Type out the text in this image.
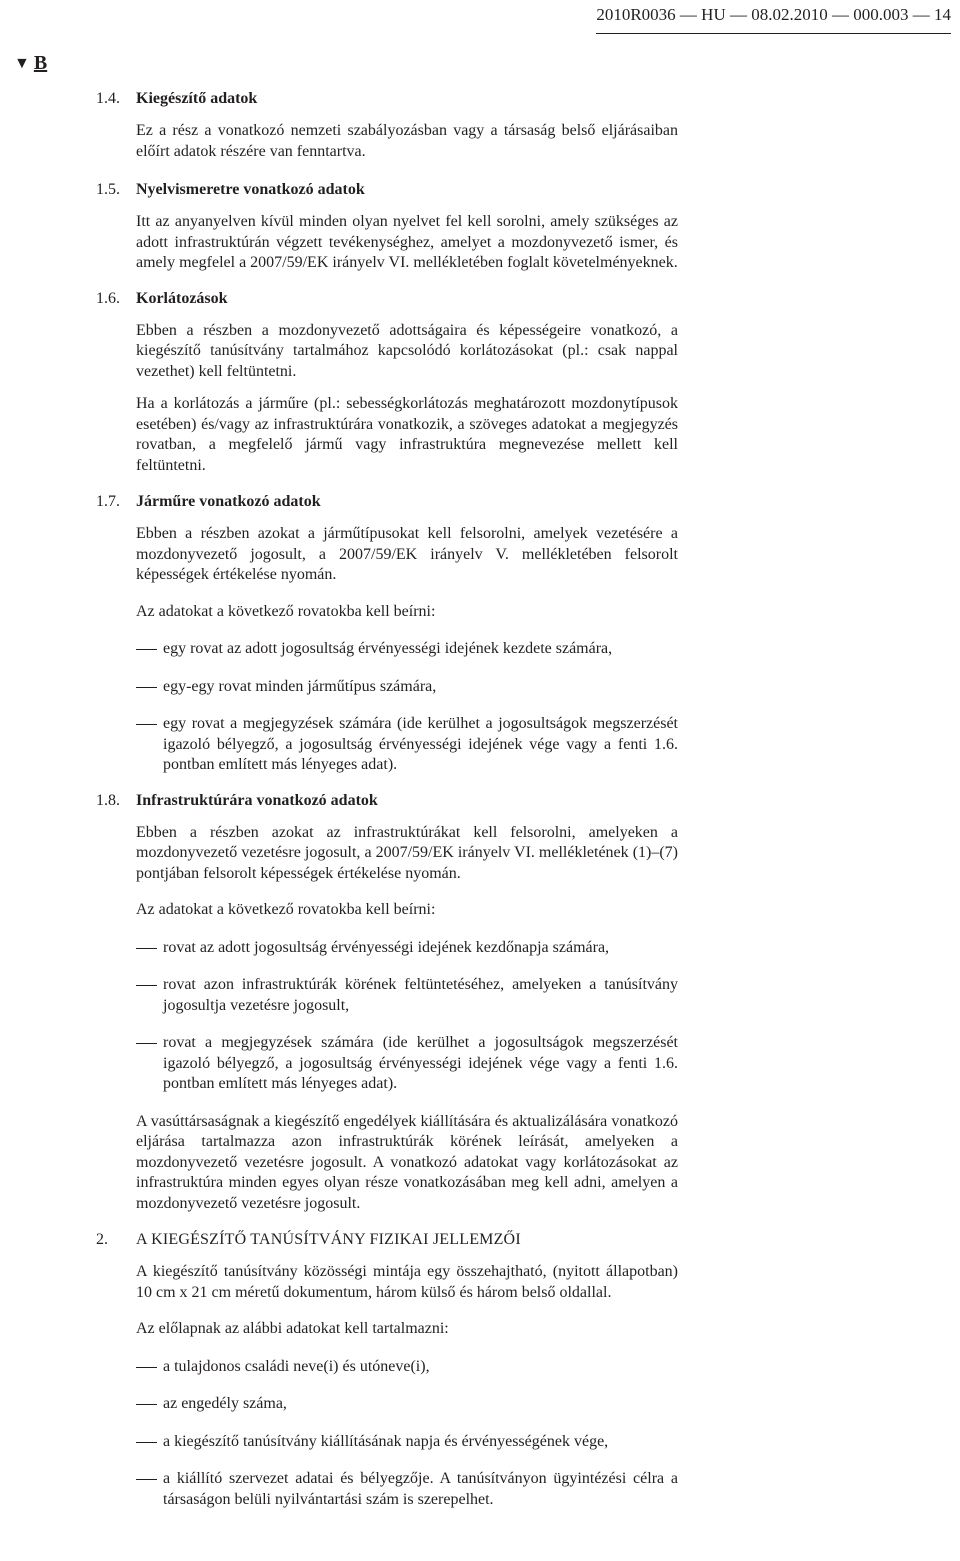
2010R0036 — HU — 08.02.2010 — 000.003 — 14
▼ B
1.4. Kiegészítő adatok

Ez a rész a vonatkozó nemzeti szabályozásban vagy a társaság belső eljárásaiban előírt adatok részére van fenntartva.

1.5. Nyelvismeretre vonatkozó adatok

Itt az anyanyelven kívül minden olyan nyelvet fel kell sorolni, amely szükséges az adott infrastruktúrán végzett tevékenységhez, amelyet a mozdonyvezető ismer, és amely megfelel a 2007/59/EK irányelv VI. mellékletében foglalt követelményeknek.

1.6. Korlátozások

Ebben a részben a mozdonyvezető adottságaira és képességeire vonatkozó, a kiegészítő tanúsítvány tartalmához kapcsolódó korlátozásokat (pl.: csak nappal vezethet) kell feltüntetni.

Ha a korlátozás a járműre (pl.: sebességkorlátozás meghatározott mozdonytípusok esetében) és/vagy az infrastruktúrára vonatkozik, a szöveges adatokat a megjegyzés rovatban, a megfelelő jármű vagy infrastruktúra megnevezése mellett kell feltüntetni.

1.7. Járműre vonatkozó adatok

Ebben a részben azokat a járműtípusokat kell felsorolni, amelyek vezetésére a mozdonyvezető jogosult, a 2007/59/EK irányelv V. mellékletében felsorolt képességek értékelése nyomán.

Az adatokat a következő rovatokba kell beírni:

egy rovat az adott jogosultság érvényességi idejének kezdete számára,
egy-egy rovat minden járműtípus számára,
egy rovat a megjegyzések számára (ide kerülhet a jogosultságok megszerzését igazoló bélyegző, a jogosultság érvényességi idejének vége vagy a fenti 1.6. pontban említett más lényeges adat).
1.8. Infrastruktúrára vonatkozó adatok

Ebben a részben azokat az infrastruktúrákat kell felsorolni, amelyeken a mozdonyvezető vezetésre jogosult, a 2007/59/EK irányelv VI. mellékletének (1)–(7) pontjában felsorolt képességek értékelése nyomán.

Az adatokat a következő rovatokba kell beírni:

rovat az adott jogosultság érvényességi idejének kezdőnapja számára,
rovat azon infrastruktúrák körének feltüntetéséhez, amelyeken a tanúsítvány jogosultja vezetésre jogosult,
rovat a megjegyzések számára (ide kerülhet a jogosultságok megszerzését igazoló bélyegző, a jogosultság érvényességi idejének vége vagy a fenti 1.6. pontban említett más lényeges adat).

A vasúttársaságnak a kiegészítő engedélyek kiállítására és aktualizálására vonatkozó eljárása tartalmazza azon infrastruktúrák körének leírását, amelyeken a mozdonyvezető vezetésre jogosult. A vonatkozó adatokat vagy korlátozásokat az infrastruktúra minden egyes olyan része vonatkozásában meg kell adni, amelyen a mozdonyvezető vezetésre jogosult.

2. A KIEGÉSZÍTŐ TANÚSÍTVÁNY FIZIKAI JELLEMZŐI

A kiegészítő tanúsítvány közösségi mintája egy összehajtható, (nyitott állapotban) 10 cm x 21 cm méretű dokumentum, három külső és három belső oldallal.

Az előlapnak az alábbi adatokat kell tartalmazni:

a tulajdonos családi neve(i) és utóneve(i),
az engedély száma,
a kiegészítő tanúsítvány kiállításának napja és érvényességének vége,
a kiállító szervezet adatai és bélyegzője. A tanúsítványon ügyintézési célra a társaságon belüli nyilvántartási szám is szerepelhet.
